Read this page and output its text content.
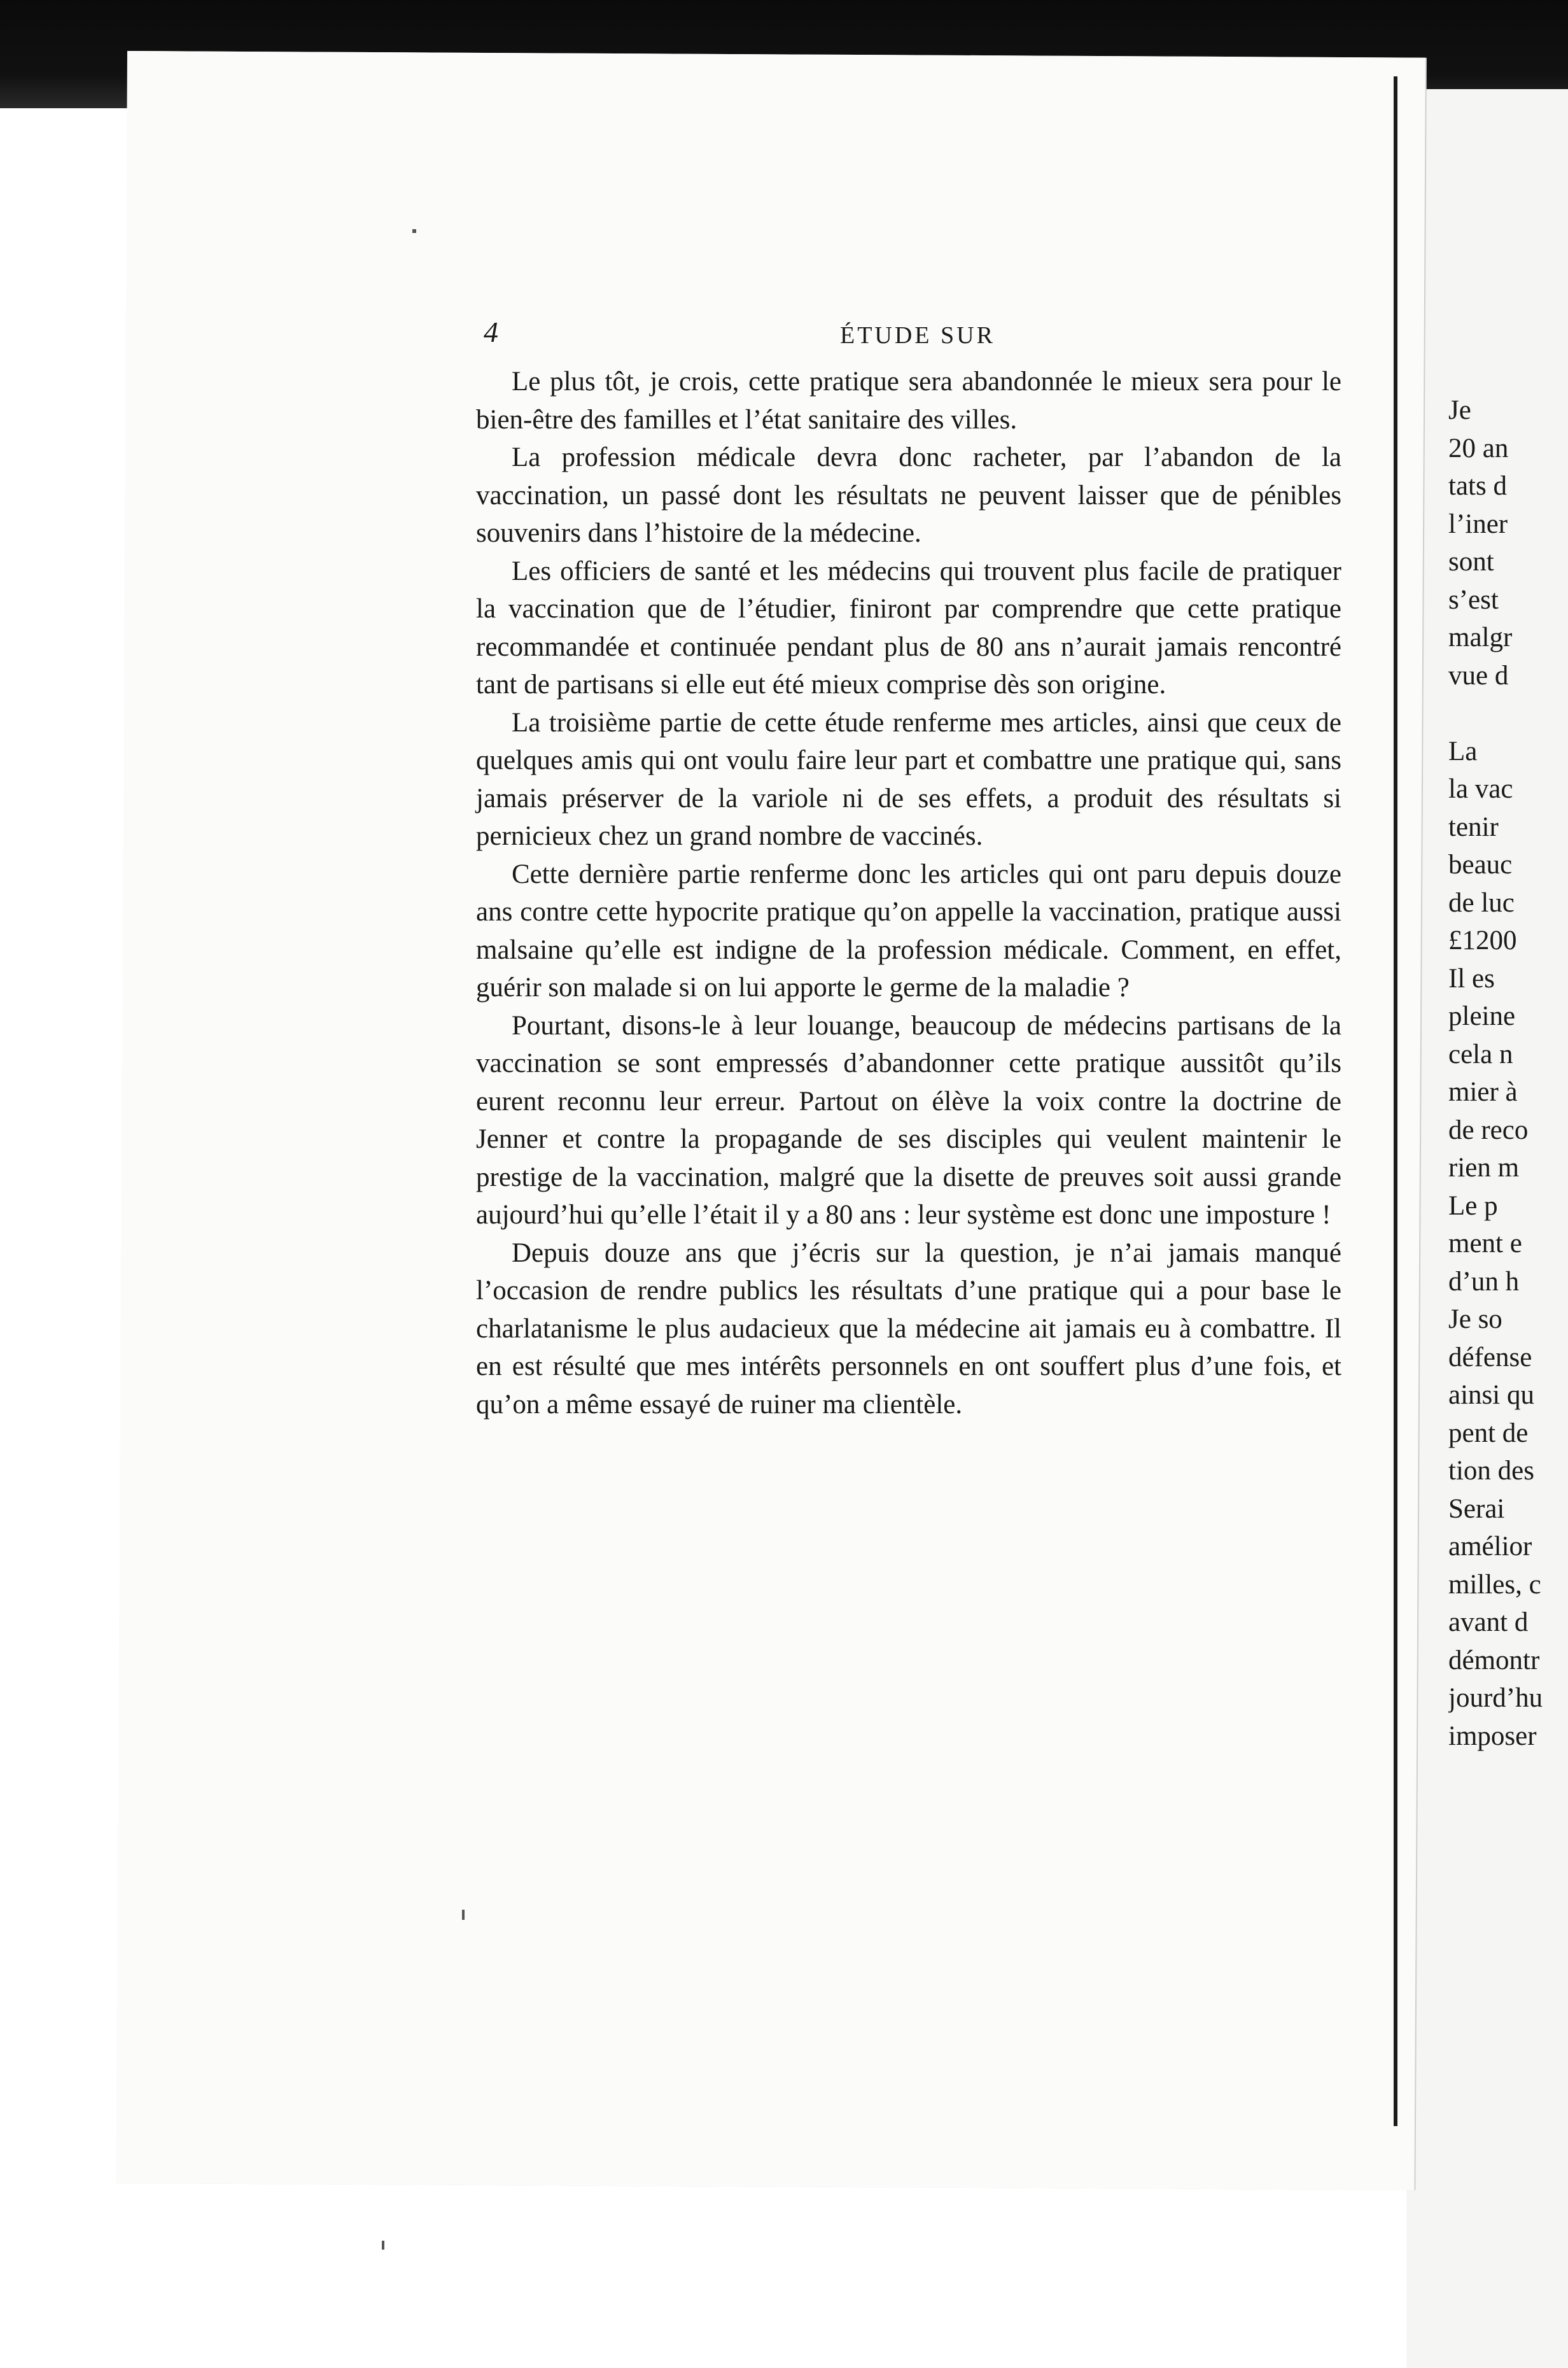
4	ÉTUDE SUR

Le plus tôt, je crois, cette pratique sera abandonnée le mieux sera pour le bien-être des familles et l’état sanitaire des villes.

La profession médicale devra donc racheter, par l’abandon de la vaccination, un passé dont les résultats ne peuvent laisser que de pénibles souvenirs dans l’histoire de la médecine.

Les officiers de santé et les médecins qui trouvent plus facile de pratiquer la vaccination que de l’étudier, finiront par comprendre que cette pratique recommandée et continuée pendant plus de 80 ans n’aurait jamais rencontré tant de partisans si elle eut été mieux comprise dès son origine.

La troisième partie de cette étude renferme mes articles, ainsi que ceux de quelques amis qui ont voulu faire leur part et combattre une pratique qui, sans jamais préserver de la variole ni de ses effets, a produit des résultats si pernicieux chez un grand nombre de vaccinés.

Cette dernière partie renferme donc les articles qui ont paru depuis douze ans contre cette hypocrite pratique qu’on appelle la vaccination, pratique aussi malsaine qu’elle est indigne de la profession médicale. Comment, en effet, guérir son malade si on lui apporte le germe de la maladie ?

Pourtant, disons-le à leur louange, beaucoup de médecins partisans de la vaccination se sont empressés d’abandonner cette pratique aussitôt qu’ils eurent reconnu leur erreur. Partout on élève la voix contre la doctrine de Jenner et contre la propagande de ses disciples qui veulent maintenir le prestige de la vaccination, malgré que la disette de preuves soit aussi grande aujourd’hui qu’elle l’était il y a 80 ans : leur système est donc une imposture !

Depuis douze ans que j’écris sur la question, je n’ai jamais manqué l’occasion de rendre publics les résultats d’une pratique qui a pour base le charlatanisme le plus audacieux que la médecine ait jamais eu à combattre. Il en est résulté que mes intérêts personnels en ont souffert plus d’une fois, et qu’on a même essayé de ruiner ma clientèle.

Je
20 an
tats d
l’iner
sont
s’est
malgr
vue d
La
la vac
tenir
beauc
de luc
£1200
Il es
pleine
cela n
mier à
de reco
rien m
Le p
ment e
d’un h
Je so
défense
ainsi qu
pent de
tion des
Serai
amélior
milles, c
avant d
démontr
jourd’hu
imposer
